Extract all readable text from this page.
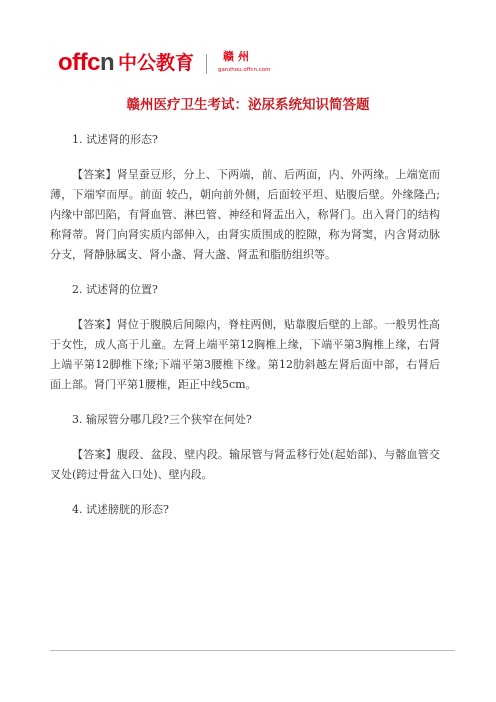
offcn 中公教育	赣州
ganzhou.offcn.com
赣州医疗卫生考试：泌尿系统知识简答题

1. 试述肾的形态?

【答案】肾呈蚕豆形，分上、下两端，前、后两面，内、外两缘。上端宽而薄，下端窄而厚。前面 较凸，朝向前外侧，后面较平坦、贴腹后壁。外缘隆凸;内缘中部凹陷，有肾血管、淋巴管、神经和肾盂出入，称肾门。出入肾门的结构称肾蒂。肾门向肾实质内部伸入，由肾实质围成的腔隙，称为肾窦，内含肾动脉分支，肾静脉属支、肾小盏、肾大盏、肾盂和脂肪组织等。

2. 试述肾的位置?

【答案】肾位于腹膜后间隙内，脊柱两侧，贴靠腹后壁的上部。一般男性高于女性，成人高于儿童。左肾上端平第12胸椎上缘，下端平第3胸椎上缘，右肾上端平第12脚椎下缘;下端平第3腰椎下缘。第12肋斜越左肾后面中部，右肾后面上部。肾门平第1腰椎，距正中线5cm。

3. 输尿管分哪几段?三个狭窄在何处?

【答案】腹段、盆段、壁内段。输尿管与肾盂移行处(起始部)、与髂血管交叉处(跨过骨盆入口处)、壁内段。

4. 试述膀胱的形态?
